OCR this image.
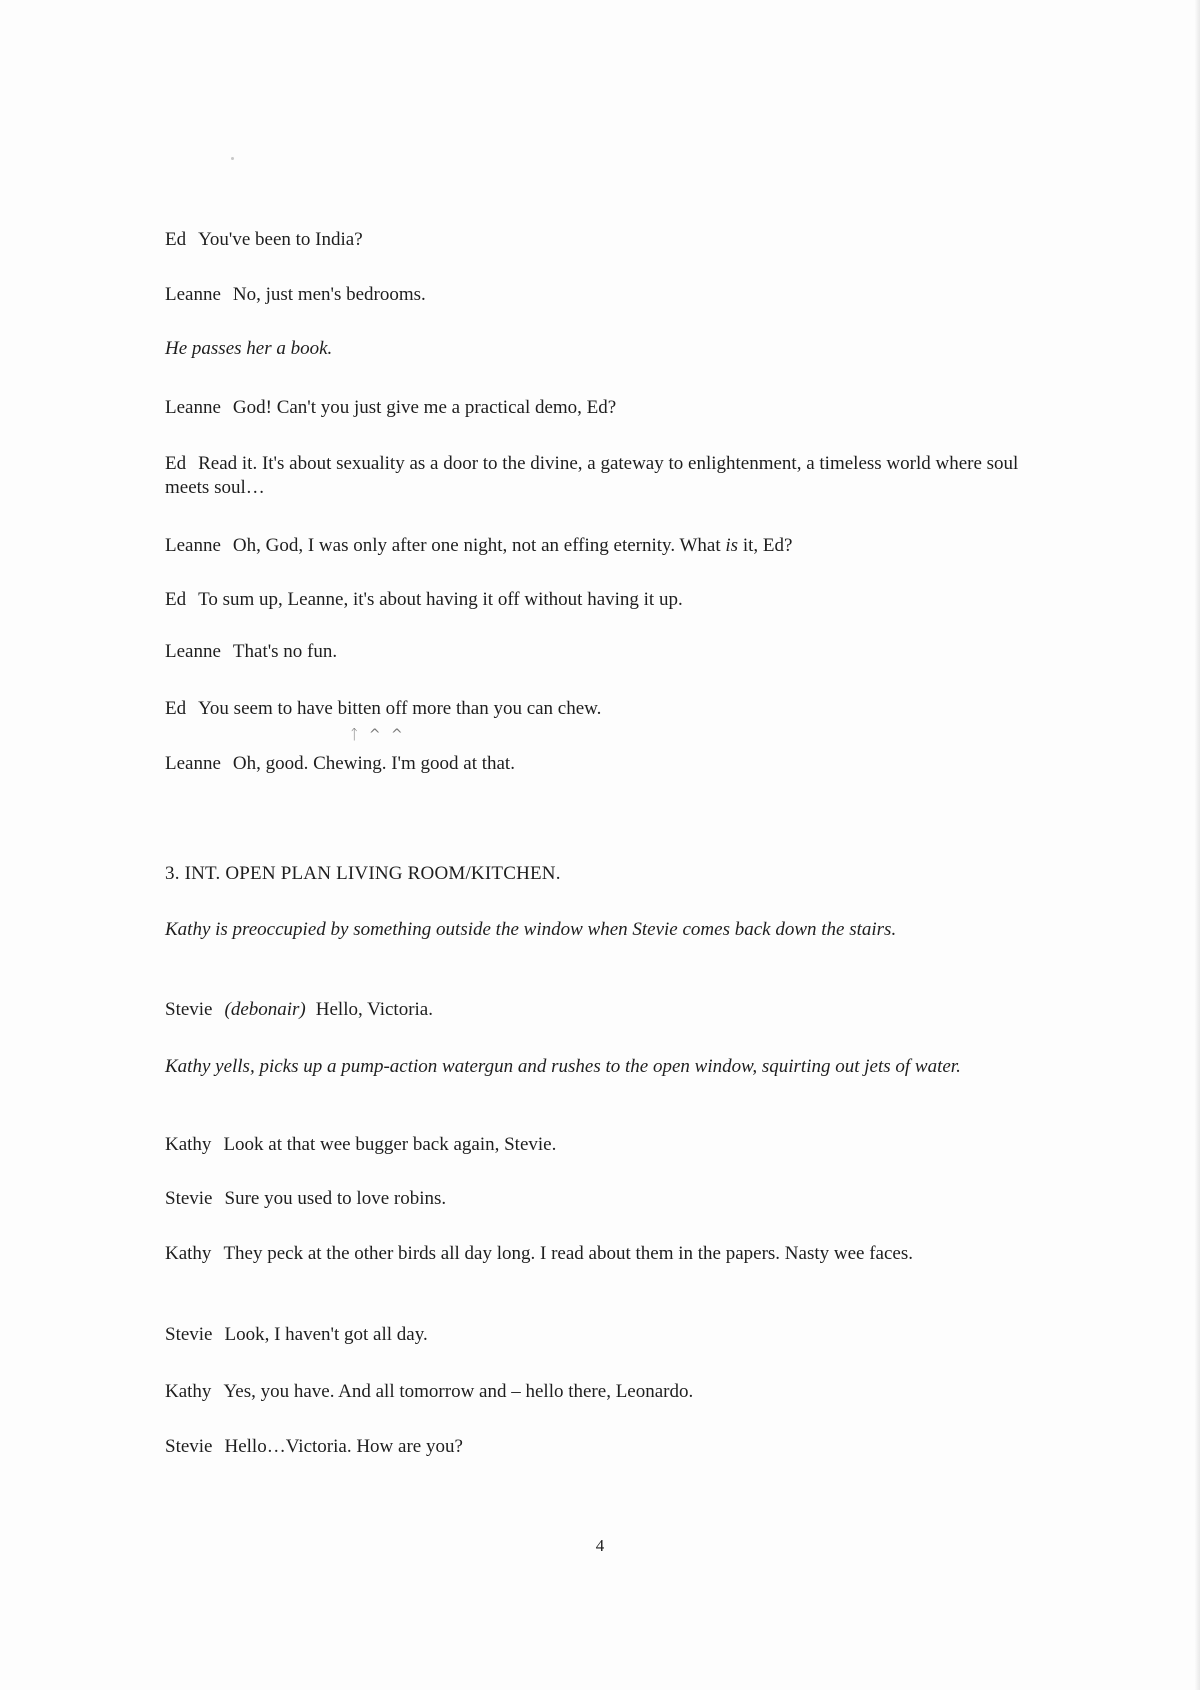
Ed You've been to India?
Leanne No, just men's bedrooms.
He passes her a book.
Leanne God! Can't you just give me a practical demo, Ed?
Ed Read it. It's about sexuality as a door to the divine, a gateway to enlightenment, a timeless world where soul meets soul…
Leanne Oh, God, I was only after one night, not an effing eternity. What is it, Ed?
Ed To sum up, Leanne, it's about having it off without having it up.
Leanne That's no fun.
Ed You seem to have bitten off more than you can chew.
ᛏ ^ ^
Leanne Oh, good. Chewing. I'm good at that.
3. INT. OPEN PLAN LIVING ROOM/KITCHEN.
Kathy is preoccupied by something outside the window when Stevie comes back down the stairs.
Stevie (debonair) Hello, Victoria.
Kathy yells, picks up a pump-action watergun and rushes to the open window, squirting out jets of water.
Kathy Look at that wee bugger back again, Stevie.
Stevie Sure you used to love robins.
Kathy They peck at the other birds all day long. I read about them in the papers. Nasty wee faces.
Stevie Look, I haven't got all day.
Kathy Yes, you have. And all tomorrow and – hello there, Leonardo.
Stevie Hello…Victoria. How are you?
4
